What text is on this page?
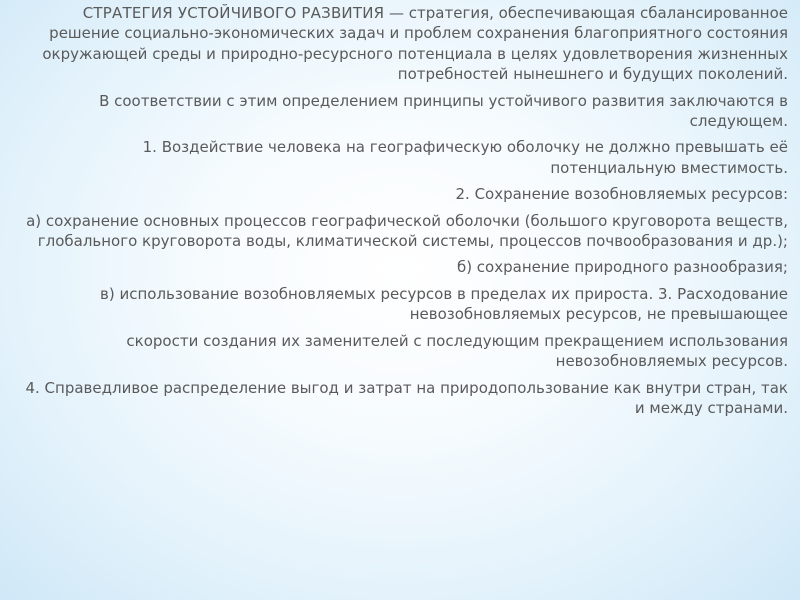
СТРАТЕГИЯ УСТОЙЧИВОГО РАЗВИТИЯ — стратегия, обеспечивающая сбалансированное решение социально-экономических задач и проблем сохранения благоприятного состояния окружающей среды и природно-ресурсного потенциала в целях удовлетворения жизненных потребностей нынешнего и будущих поколений.

В соответствии с этим определением принципы устойчивого развития заключаются в следующем.

1. Воздействие человека на географическую оболочку не должно превышать её потенциальную вместимость.

2. Сохранение возобновляемых ресурсов:

а) сохранение основных процессов географической оболочки (большого круговорота веществ, глобального круговорота воды, климатической системы, процессов почвообразования и др.);

б) сохранение природного разнообразия;

в) использование возобновляемых ресурсов в пределах их прироста. 3. Расходование невозобновляемых ресурсов, не превышающее

скорости создания их заменителей с последующим прекращением использования невозобновляемых ресурсов.

4. Справедливое распределение выгод и затрат на природопользование как внутри стран, так и между странами.
